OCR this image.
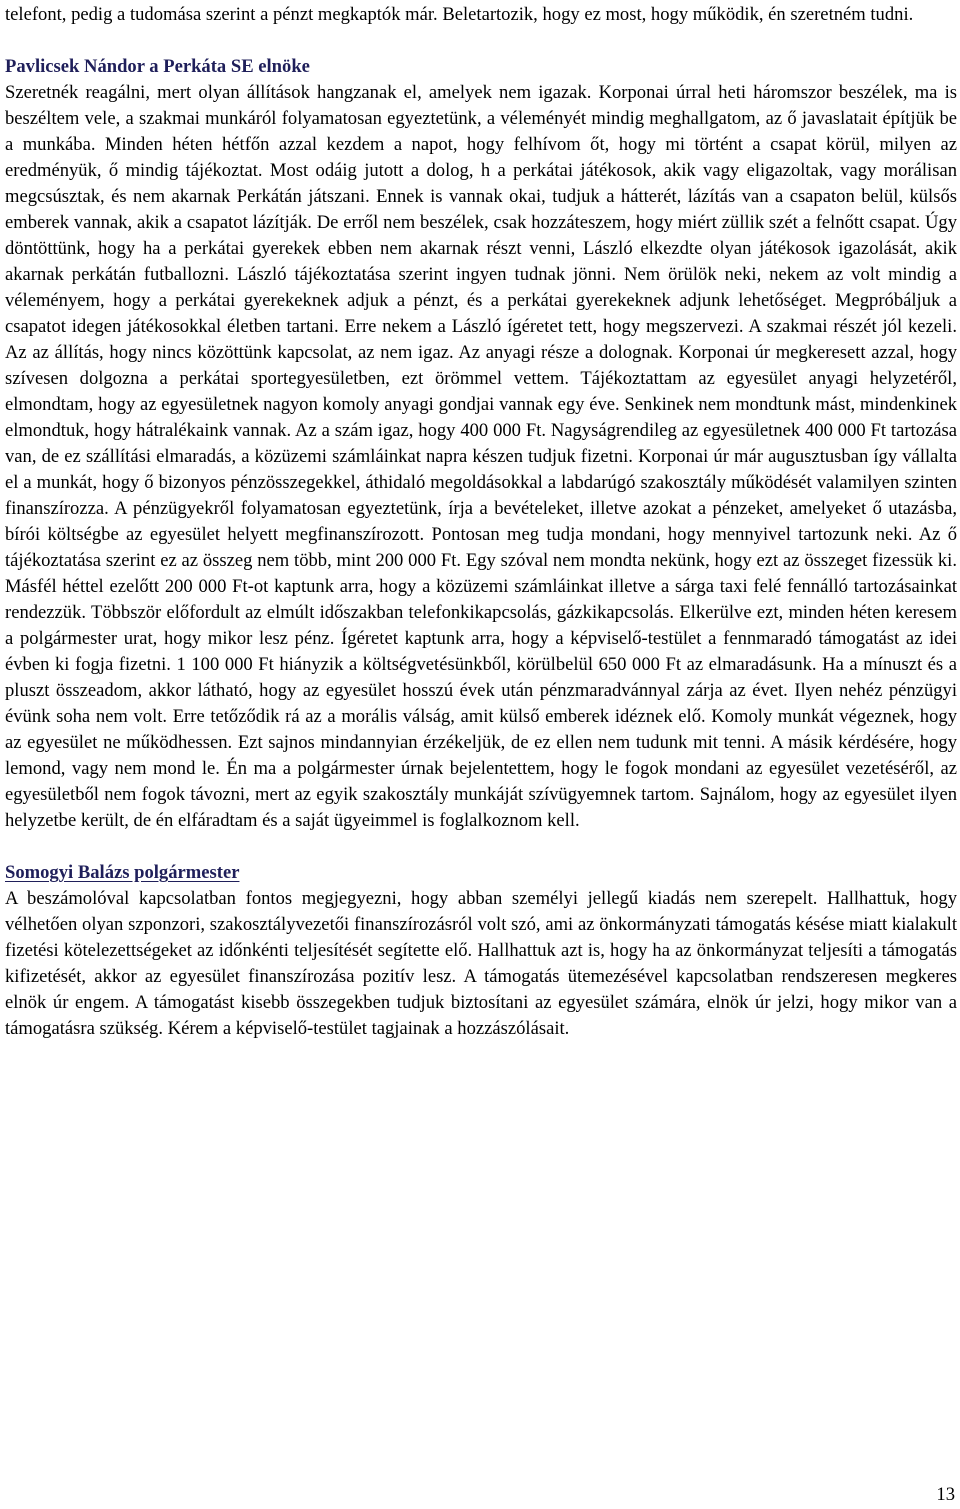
telefont, pedig a tudomása szerint a pénzt megkaptók már. Beletartozik, hogy ez most, hogy működik, én szeretném tudni.

Pavlicsek Nándor a Perkáta SE elnöke

Szeretnék reagálni, mert olyan állítások hangzanak el, amelyek nem igazak. Korponai úrral heti háromszor beszélek, ma is beszéltem vele, a szakmai munkáról folyamatosan egyeztetünk, a véleményét mindig meghallgatom, az ő javaslatait építjük be a munkába. Minden héten hétfőn azzal kezdem a napot, hogy felhívom őt, hogy mi történt a csapat körül, milyen az eredményük, ő mindig tájékoztat. Most odáig jutott a dolog, h a perkátai játékosok, akik vagy eligazoltak, vagy morálisan megcsúsztak, és nem akarnak Perkátán játszani. Ennek is vannak okai, tudjuk a hátterét, lázítás van a csapaton belül, külsős emberek vannak, akik a csapatot lázítják. De erről nem beszélek, csak hozzáteszem, hogy miért züllik szét a felnőtt csapat. Úgy döntöttünk, hogy ha a perkátai gyerekek ebben nem akarnak részt venni, László elkezdte olyan játékosok igazolását, akik akarnak perkátán futballozni. László tájékoztatása szerint ingyen tudnak jönni. Nem örülök neki, nekem az volt mindig a véleményem, hogy a perkátai gyerekeknek adjuk a pénzt, és a perkátai gyerekeknek adjunk lehetőséget. Megpróbáljuk a csapatot idegen játékosokkal életben tartani. Erre nekem a László ígéretet tett, hogy megszervezi. A szakmai részét jól kezeli. Az az állítás, hogy nincs közöttünk kapcsolat, az nem igaz. Az anyagi része a dolognak. Korponai úr megkeresett azzal, hogy szívesen dolgozna a perkátai sportegyesületben, ezt örömmel vettem. Tájékoztattam az egyesület anyagi helyzetéről, elmondtam, hogy az egyesületnek nagyon komoly anyagi gondjai vannak egy éve. Senkinek nem mondtunk mást, mindenkinek elmondtuk, hogy hátralékaink vannak. Az a szám igaz, hogy 400 000 Ft. Nagyságrendileg az egyesületnek 400 000 Ft tartozása van, de ez szállítási elmaradás, a közüzemi számláinkat napra készen tudjuk fizetni. Korponai úr már augusztusban így vállalta el a munkát, hogy ő bizonyos pénzösszegekkel, áthidaló megoldásokkal a labdarúgó szakosztály működését valamilyen szinten finanszírozza. A pénzügyekről folyamatosan egyeztetünk, írja a bevételeket, illetve azokat a pénzeket, amelyeket ő utazásba, bírói költségbe az egyesület helyett megfinanszírozott. Pontosan meg tudja mondani, hogy mennyivel tartozunk neki. Az ő tájékoztatása szerint ez az összeg nem több, mint 200 000 Ft. Egy szóval nem mondta nekünk, hogy ezt az összeget fizessük ki. Másfél héttel ezelőtt 200 000 Ft-ot kaptunk arra, hogy a közüzemi számláinkat illetve a sárga taxi felé fennálló tartozásainkat rendezzük. Többször előfordult az elmúlt időszakban telefonkikapcsolás, gázkikapcsolás. Elkerülve ezt, minden héten keresem a polgármester urat, hogy mikor lesz pénz. Ígéretet kaptunk arra, hogy a képviselő-testület a fennmaradó támogatást az idei évben ki fogja fizetni. 1 100 000 Ft hiányzik a költségvetésünkből, körülbelül 650 000 Ft az elmaradásunk. Ha a mínuszt és a pluszt összeadom, akkor látható, hogy az egyesület hosszú évek után pénzmaradvánnyal zárja az évet. Ilyen nehéz pénzügyi évünk soha nem volt. Erre tetőződik rá az a morális válság, amit külső emberek idéznek elő. Komoly munkát végeznek, hogy az egyesület ne működhessen. Ezt sajnos mindannyian érzékeljük, de ez ellen nem tudunk mit tenni. A másik kérdésére, hogy lemond, vagy nem mond le. Én ma a polgármester úrnak bejelentettem, hogy le fogok mondani az egyesület vezetéséről, az egyesületből nem fogok távozni, mert az egyik szakosztály munkáját szívügyemnek tartom. Sajnálom, hogy az egyesület ilyen helyzetbe került, de én elfáradtam és a saját ügyeimmel is foglalkoznom kell.

Somogyi Balázs polgármester

A beszámolóval kapcsolatban fontos megjegyezni, hogy abban személyi jellegű kiadás nem szerepelt. Hallhattuk, hogy vélhetően olyan szponzori, szakosztályvezetői finanszírozásról volt szó, ami az önkormányzati támogatás késése miatt kialakult fizetési kötelezettségeket az időnkénti teljesítését segítette elő. Hallhattuk azt is, hogy ha az önkormányzat teljesíti a támogatás kifizetését, akkor az egyesület finanszírozása pozitív lesz. A támogatás ütemezésével kapcsolatban rendszeresen megkeres elnök úr engem. A támogatást kisebb összegekben tudjuk biztosítani az egyesület számára, elnök úr jelzi, hogy mikor van a támogatásra szükség. Kérem a képviselő-testület tagjainak a hozzászólásait.

13
